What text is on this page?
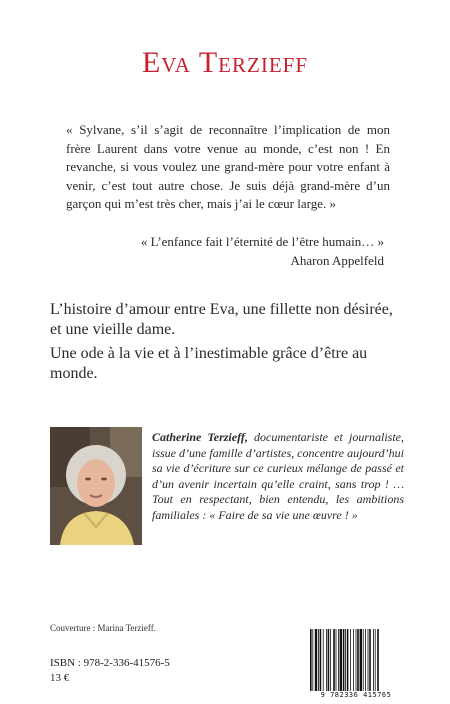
Eva Terzieff

« Sylvane, s’il s’agit de reconnaître l’implication de mon frère Laurent dans votre venue au monde, c’est non ! En revanche, si vous voulez une grand-mère pour votre enfant à venir, c’est tout autre chose. Je suis déjà grand-mère d’un garçon qui m’est très cher, mais j’ai le cœur large. »

« L’enfance fait l’éternité de l’être humain… »
Aharon Appelfeld

L’histoire d’amour entre Eva, une fillette non désirée, et une vieille dame.

Une ode à la vie et à l’inestimable grâce d’être au monde.

Catherine Terzieff, documentariste et journaliste, issue d’une famille d’artistes, concentre aujourd’hui sa vie d’écriture sur ce curieux mélange de passé et d’un avenir incertain qu’elle craint, sans trop ! … Tout en respectant, bien entendu, les ambitions familiales : « Faire de sa vie une œuvre ! »

Couverture : Marina Terzieff.
ISBN : 978-2-336-41576-5
13 €
9 782336 415765
